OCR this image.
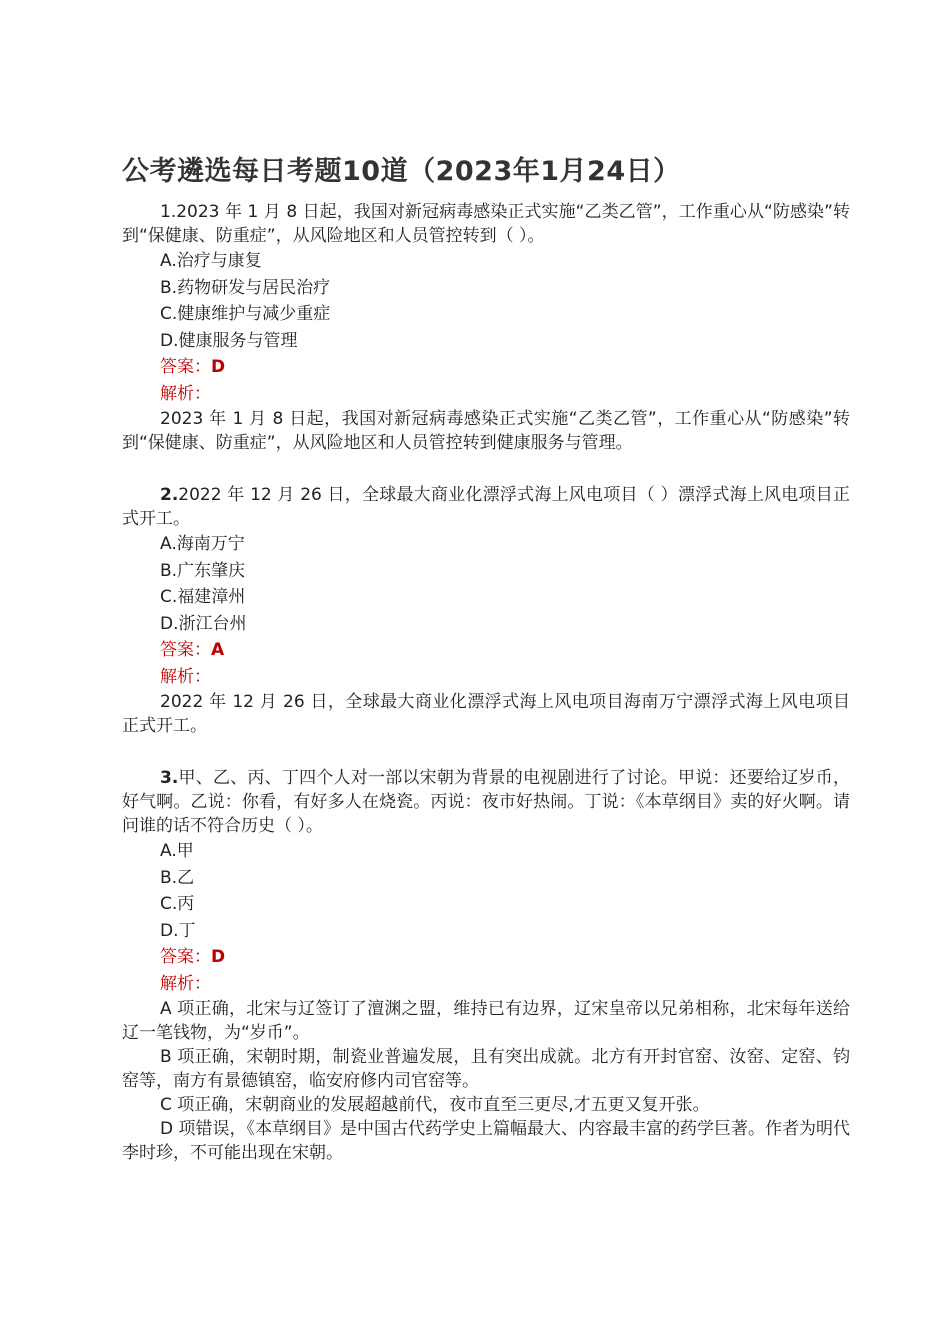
公考遴选每日考题10道（2023年1月24日）

1.2023 年 1 月 8 日起，我国对新冠病毒感染正式实施“乙类乙管”，工作重心从“防感染”转到“保健康、防重症”，从风险地区和人员管控转到（ ）。

A.治疗与康复

B.药物研发与居民治疗

C.健康维护与减少重症

D.健康服务与管理

答案：D

解析：

2023 年 1 月 8 日起，我国对新冠病毒感染正式实施“乙类乙管”，工作重心从“防感染”转到“保健康、防重症”，从风险地区和人员管控转到健康服务与管理。

2.2022 年 12 月 26 日，全球最大商业化漂浮式海上风电项目（ ）漂浮式海上风电项目正式开工。

A.海南万宁

B.广东肇庆

C.福建漳州

D.浙江台州

答案：A

解析：

2022 年 12 月 26 日，全球最大商业化漂浮式海上风电项目海南万宁漂浮式海上风电项目正式开工。

3.甲、乙、丙、丁四个人对一部以宋朝为背景的电视剧进行了讨论。甲说：还要给辽岁币，好气啊。乙说：你看，有好多人在烧瓷。丙说：夜市好热闹。丁说：《本草纲目》卖的好火啊。请问谁的话不符合历史（ ）。

A.甲

B.乙

C.丙

D.丁

答案：D

解析：

A 项正确，北宋与辽签订了澶渊之盟，维持已有边界，辽宋皇帝以兄弟相称，北宋每年送给辽一笔钱物，为“岁币”。

B 项正确，宋朝时期，制瓷业普遍发展，且有突出成就。北方有开封官窑、汝窑、定窑、钧窑等，南方有景德镇窑，临安府修内司官窑等。

C 项正确，宋朝商业的发展超越前代，夜市直至三更尽,才五更又复开张。

D 项错误，《本草纲目》是中国古代药学史上篇幅最大、内容最丰富的药学巨著。作者为明代李时珍，不可能出现在宋朝。
